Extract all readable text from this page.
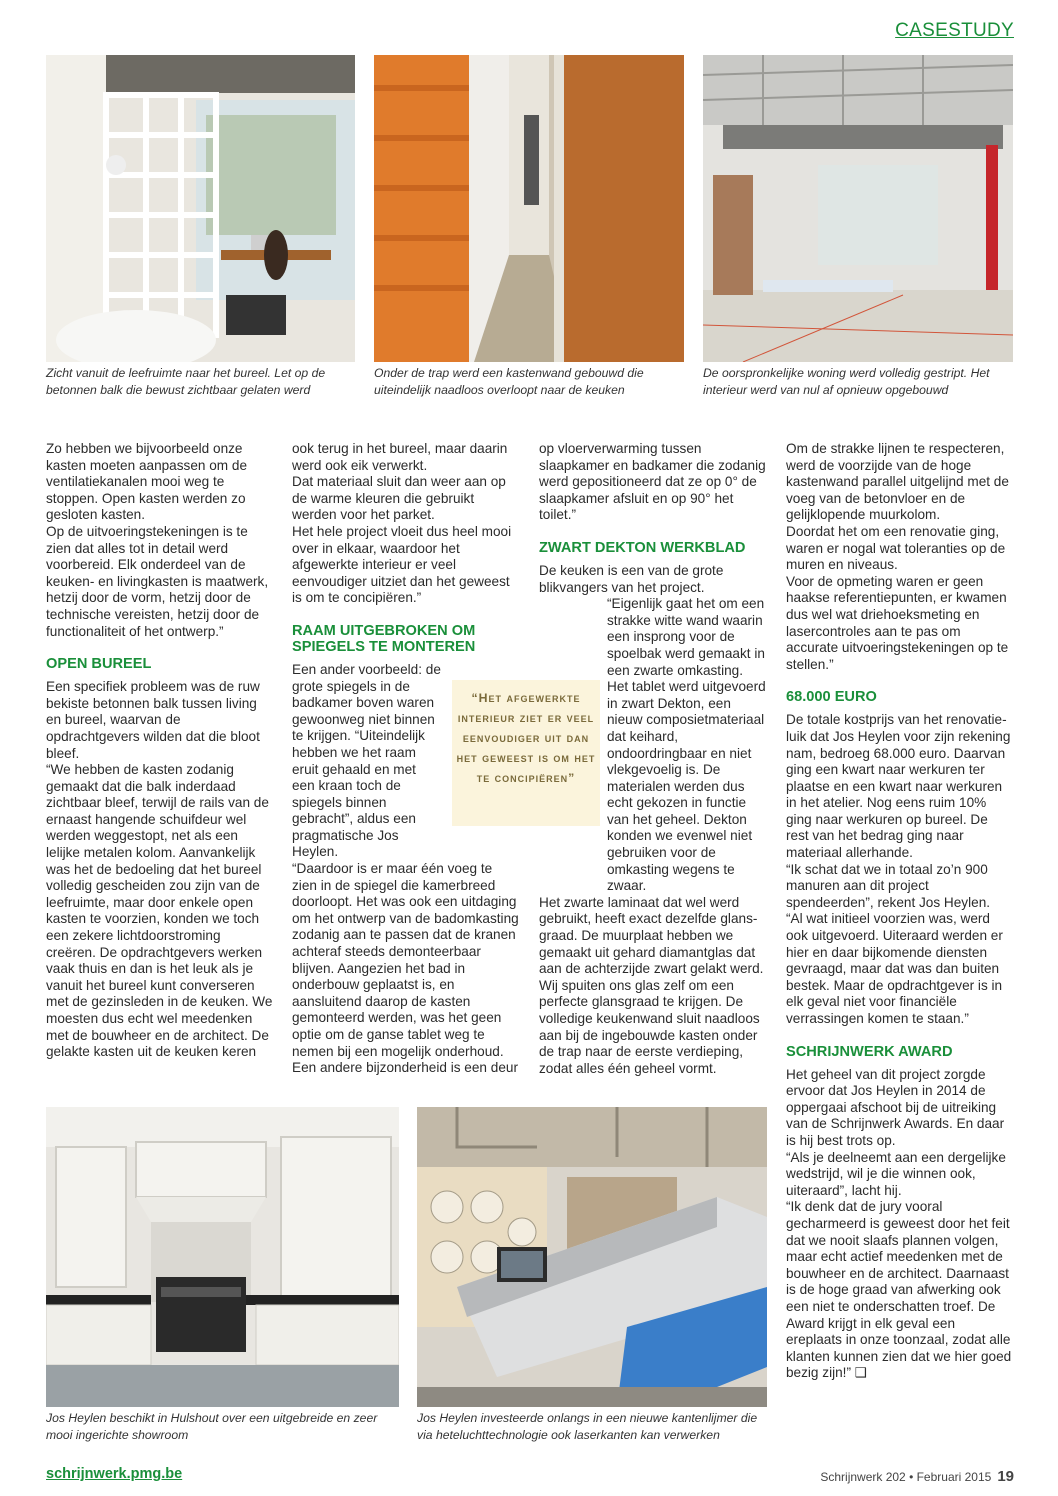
CASESTUDY
Zicht vanuit de leefruimte naar het bureel. Let op de betonnen balk die bewust zichtbaar gelaten werd
Onder de trap werd een kastenwand gebouwd die uiteindelijk naadloos overloopt naar de keuken
De oorspronkelijke woning werd volledig gestript. Het interieur werd van nul af opnieuw opgebouwd

Zo hebben we bijvoorbeeld onze kasten moeten aanpassen om de ventilatiekanalen mooi weg te stoppen. Open kasten werden zo gesloten kasten.

Op de uitvoeringstekeningen is te zien dat alles tot in detail werd voorbereid. Elk onderdeel van de keuken- en livingkasten is maatwerk, hetzij door de vorm, hetzij door de technische vereisten, hetzij door de functionaliteit of het ontwerp.”

OPEN BUREEL

Een specifiek probleem was de ruw bekiste betonnen balk tussen living en bureel, waarvan de opdrachtgevers wilden dat die bloot bleef.

“We hebben de kasten zodanig gemaakt dat die balk inderdaad zichtbaar bleef, terwijl de rails van de ernaast hangende schuifdeur wel werden weggestopt, net als een lelijke metalen kolom. Aanvankelijk was het de bedoeling dat het bureel volledig gescheiden zou zijn van de leefruimte, maar door enkele open kasten te voorzien, konden we toch een zekere lichtdoorstroming creëren. De opdrachtgevers werken vaak thuis en dan is het leuk als je vanuit het bureel kunt converseren met de gezinsleden in de keuken. We moesten dus echt wel meedenken met de bouwheer en de architect. De gelakte kasten uit de keuken keren

ook terug in het bureel, maar daarin werd ook eik verwerkt.

Dat materiaal sluit dan weer aan op de warme kleuren die gebruikt werden voor het parket.

Het hele project vloeit dus heel mooi over in elkaar, waardoor het afgewerkte interieur er veel eenvoudiger uitziet dan het geweest is om te concipiëren.”

RAAM UITGEBROKEN OM SPIEGELS TE MONTEREN

Een ander voorbeeld: de grote spiegels in de badkamer boven waren gewoonweg niet binnen te krijgen. “Uiteindelijk hebben we het raam eruit gehaald en met een kraan toch de spiegels binnen gebracht”, aldus een pragmatische Jos Heylen.

“Daardoor is er maar één voeg te zien in de spiegel die kamerbreed doorloopt. Het was ook een uitdaging om het ontwerp van de badomkasting zodanig aan te passen dat de kranen achteraf steeds demonteerbaar blijven. Aangezien het bad in onderbouw geplaatst is, en aansluitend daarop de kasten gemonteerd werden, was het geen optie om de ganse tablet weg te nemen bij een mogelijk onderhoud. Een andere bijzonderheid is een deur

“Het afgewerkte interieur ziet er veel eenvoudiger uit dan het geweest is om het te concipiëren”

op vloerverwarming tussen slaapkamer en badkamer die zodanig werd gepositioneerd dat ze op 0° de slaapkamer afsluit en op 90° het toilet.”

ZWART DEKTON WERKBLAD

De keuken is een van de grote blikvangers van het project.

“Eigenlijk gaat het om een strakke witte wand waarin een insprong voor de spoelbak werd gemaakt in een zwarte omkasting. Het tablet werd uitgevoerd in zwart Dekton, een nieuw composietmateriaal dat keihard, ondoordringbaar en niet vlekgevoelig is. De materialen werden dus echt gekozen in functie van het geheel. Dekton konden we evenwel niet gebruiken voor de omkasting wegens te zwaar.

Het zwarte laminaat dat wel werd gebruikt, heeft exact dezelfde glansgraad. De muurplaat hebben we gemaakt uit gehard diamantglas dat aan de achterzijde zwart gelakt werd. Wij spuiten ons glas zelf om een perfecte glansgraad te krijgen. De volledige keukenwand sluit naadloos aan bij de ingebouwde kasten onder de trap naar de eerste verdieping, zodat alles één geheel vormt.

Om de strakke lijnen te respecteren, werd de voorzijde van de hoge kastenwand parallel uitgelijnd met de voeg van de betonvloer en de gelijklopende muurkolom.

Doordat het om een renovatie ging, waren er nogal wat toleranties op de muren en niveaus.

Voor de opmeting waren er geen haakse referentiepunten, er kwamen dus wel wat driehoeksmeting en lasercontroles aan te pas om accurate uitvoeringstekeningen op te stellen.”

68.000 EURO

De totale kostprijs van het renovatieluik dat Jos Heylen voor zijn rekening nam, bedroeg 68.000 euro. Daarvan ging een kwart naar werkuren ter plaatse en een kwart naar werkuren in het atelier. Nog eens ruim 10% ging naar werkuren op bureel. De rest van het bedrag ging naar materiaal allerhande.

“Ik schat dat we in totaal zo’n 900 manuren aan dit project spendeerden”, rekent Jos Heylen.

“Al wat initieel voorzien was, werd ook uitgevoerd. Uiteraard werden er hier en daar bijkomende diensten gevraagd, maar dat was dan buiten bestek. Maar de opdrachtgever is in elk geval niet voor financiële verrassingen komen te staan.”

SCHRIJNWERK AWARD

Het geheel van dit project zorgde ervoor dat Jos Heylen in 2014 de oppergaai afschoot bij de uitreiking van de Schrijnwerk Awards. En daar is hij best trots op.

“Als je deelneemt aan een dergelijke wedstrijd, wil je die winnen ook, uiteraard”, lacht hij.

“Ik denk dat de jury vooral gecharmeerd is geweest door het feit dat we nooit slaafs plannen volgen, maar echt actief meedenken met de bouwheer en de architect. Daarnaast is de hoge graad van afwerking ook een niet te onderschatten troef. De Award krijgt in elk geval een ereplaats in onze toonzaal, zodat alle klanten kunnen zien dat we hier goed bezig zijn!” ❑

Jos Heylen beschikt in Hulshout over een uitgebreide en zeer mooi ingerichte showroom
Jos Heylen investeerde onlangs in een nieuwe kantenlijmer die via heteluchttechnologie ook laserkanten kan verwerken
schrijnwerk.pmg.be	Schrijnwerk 202 • Februari 2015 19
